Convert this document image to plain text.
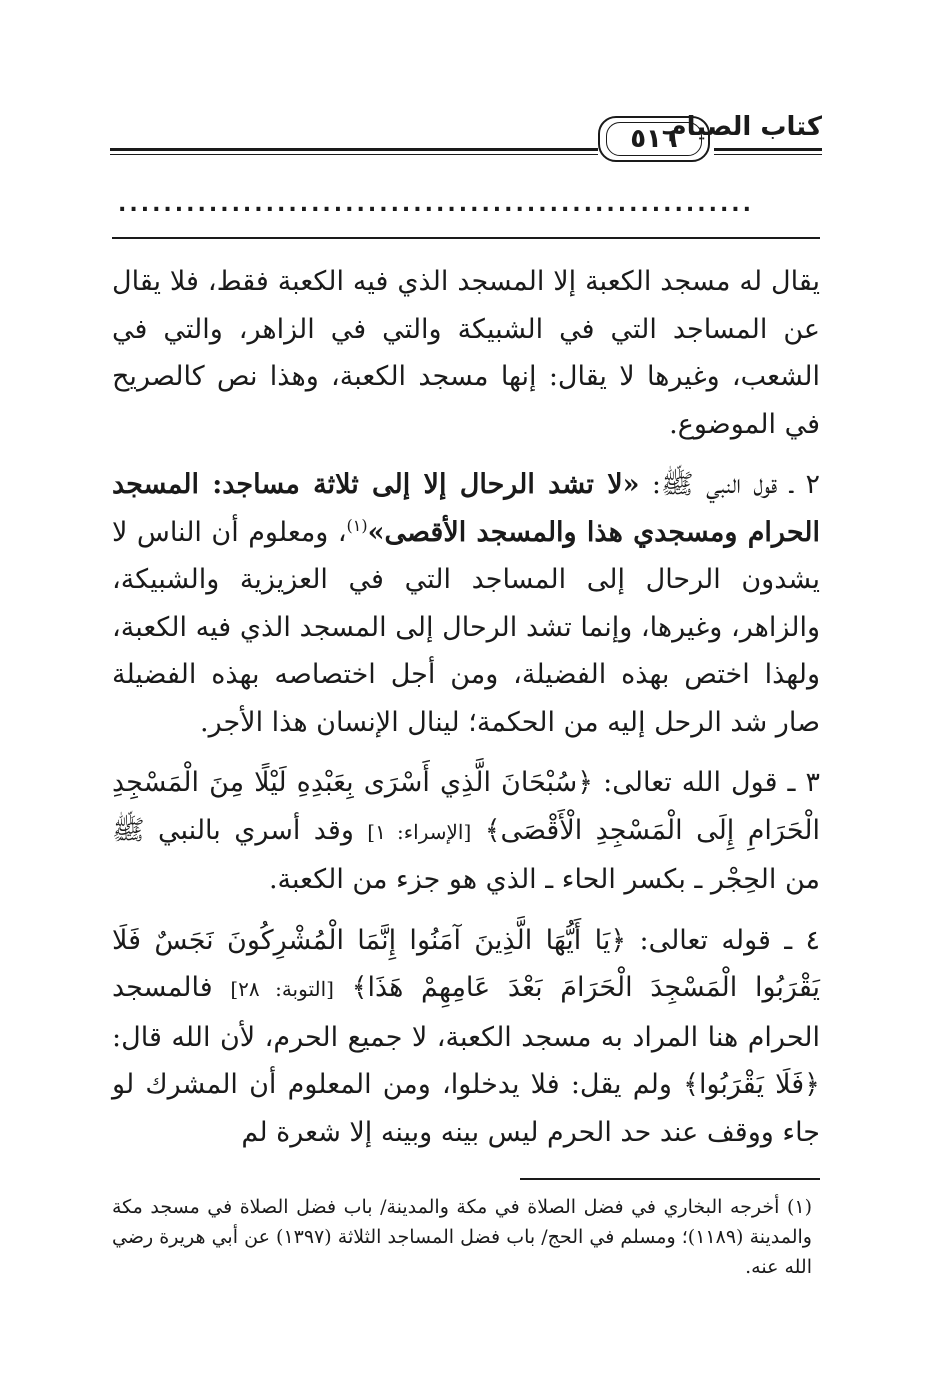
٥١٦
كتاب الصيام
........................................................

يقال له مسجد الكعبة إلا المسجد الذي فيه الكعبة فقط، فلا يقال عن المساجد التي في الشبيكة والتي في الزاهر، والتي في الشعب، وغيرها لا يقال: إنها مسجد الكعبة، وهذا نص كالصريح في الموضوع.

٢ ـ قول النبي ﷺ: «لا تشد الرحال إلا إلى ثلاثة مساجد: المسجد الحرام ومسجدي هذا والمسجد الأقصى»$^{(١)}$، ومعلوم أن الناس لا يشدون الرحال إلى المساجد التي في العزيزية والشبيكة، والزاهر، وغيرها، وإنما تشد الرحال إلى المسجد الذي فيه الكعبة، ولهذا اختص بهذه الفضيلة، ومن أجل اختصاصه بهذه الفضيلة صار شد الرحل إليه من الحكمة؛ لينال الإنسان هذا الأجر.

٣ ـ قول الله تعالى: ﴿سُبْحَانَ الَّذِي أَسْرَى بِعَبْدِهِ لَيْلًا مِنَ الْمَسْجِدِ الْحَرَامِ إِلَى الْمَسْجِدِ الْأَقْصَى﴾ [الإسراء: ١] وقد أسري بالنبي ﷺ من الحِجْر ـ بكسر الحاء ـ الذي هو جزء من الكعبة.

٤ ـ قوله تعالى: ﴿يَا أَيُّهَا الَّذِينَ آمَنُوا إِنَّمَا الْمُشْرِكُونَ نَجَسٌ فَلَا يَقْرَبُوا الْمَسْجِدَ الْحَرَامَ بَعْدَ عَامِهِمْ هَذَا﴾ [التوبة: ٢٨] فالمسجد الحرام هنا المراد به مسجد الكعبة، لا جميع الحرم، لأن الله قال: ﴿فَلَا يَقْرَبُوا﴾ ولم يقل: فلا يدخلوا، ومن المعلوم أن المشرك لو جاء ووقف عند حد الحرم ليس بينه وبينه إلا شعرة لم

(١) أخرجه البخاري في فضل الصلاة في مكة والمدينة/ باب فضل الصلاة في مسجد مكة والمدينة (١١٨٩)؛ ومسلم في الحج/ باب فضل المساجد الثلاثة (١٣٩٧) عن أبي هريرة رضي الله عنه.
